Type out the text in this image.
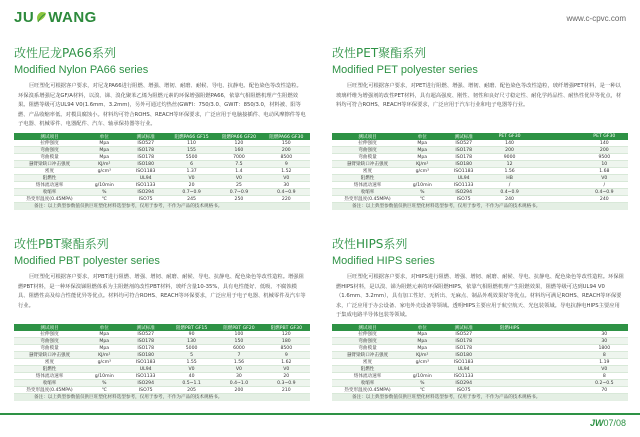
JU WANG	www.c-cpvc.com
改性尼龙PA66系列
Modified Nylon PA66 series
巨旺塑化可根据客户要求，对尼龙PA66进行阻燃、增强、增韧、耐磨、耐候、导电、抗静电、配色染色等改性造粒。环保溴系增强尼龙GF/A材料，以溴、锑、溴化聚苯乙烯为阻燃元素的环保增强阻燃PA66，依靠气相阻燃机理产生阻燃效果。阻燃等级可达UL94 V0(1.6mm、3.2mm)，另外可通过灼热丝(GWFI：750/3.0、GWIT：850/3.0，材料被、阳等燃、产品收缩率低、对模具腐蚀小。材料均可符合ROHS、REACH等环保要求，广泛应用于电脑接插件、电动风摩擦件等电子电器、机械零件、电器配件、汽车、轴承保持器等行业。
测试项目	单位	测试标准	阻燃PA66 GF15	阻燃PA66 GF20	阻燃PA66 GF30
拉伸强度	Mpa	ISO527	110	120	150
弯曲强度	Mpa	ISO178	155	160	200
弯曲模量	Mpa	ISO178	5500	7000	8500
悬臂梁缺口冲击强度	KJ/m²	ISO180	6	7.5	9
密度	g/cm³	ISO1183	1.37	1.4	1.52
阻燃性		UL94	V0	V0	V0
熔体流动速率	g/10min	ISO1133	20	25	30
收缩率	%	ISO294	0.7~0.9	0.7~0.9	0.4~0.9
热变形温度(0.45MPA)	℃	ISO75	245	250	220
备注：以上典型参数值仅供巨旺塑化材料选型参考，仅用于参考，不作为产品的技术规格书。
改性PET聚酯系列
Modified PET polyester series
巨旺塑化可根据客户要求，对PET进行阻燃、增强、增韧、耐磨、配色染色等改性造粒，玻纤增强PET材料，是一种以玻璃纤维为增强剂的改性PET材料，具有超高强度、刚性、韧性和良好尺寸稳定性、耐化学药品性、耐热性优异等优点，材料均可符合ROHS、REACH等环保要求，广泛应用于汽车行业和电子电器等行业。
测试项目	单位	测试标准	PET GF30		PET GF30
拉伸强度	Mpa	ISO527	140		140
弯曲强度	Mpa	ISO178	200		200
弯曲模量	Mpa	ISO178	9000		9500
悬臂梁缺口冲击强度	KJ/m²	ISO180	12		10
密度	g/cm³	ISO1183	1.56		1.68
阻燃性		UL94	HB		V0
熔体流动速率	g/10min	ISO1133	/		/
收缩率	%	ISO294	0.4~0.9		0.4~0.9
热变形温度(0.45MPA)	℃	ISO75	240		240
备注：以上典型参数值仅供巨旺塑化材料选型参考，仅用于参考，不作为产品的技术规格书。
改性PBT聚酯系列
Modified PBT polyester series
巨旺塑化可根据客户要求，对PBT进行阻燃、增强、增韧、耐磨、耐候、导电、抗静电、配色染色等改性造粒。增强阻燃PBT材料，是一种环保溴锑阻燃体系为主阻燃剂的改性PBT材料，玻纤含量10-35%，具有电性能好、低吸、不腐蚀模具、阻燃性高及综合性能优异等优点。材料均可符合ROHS、REACH等环保要求，广泛应用于电子电器、机械零件及汽车等行业。
测试项目	单位	测试标准	阻燃PBT GF15	阻燃PBT GF20	阻燃PBT GF30
拉伸强度	Mpa	ISO527	90	100	120
弯曲强度	Mpa	ISO178	130	150	180
弯曲模量	Mpa	ISO178	5000	6000	8500
悬臂梁缺口冲击强度	KJ/m²	ISO180	5	7	9
密度	g/cm³	ISO1183	1.55	1.56	1.62
阻燃性		UL94	V0	V0	V0
熔体流动速率	g/10min	ISO1133	40	30	20
收缩率	%	ISO294	0.5~1.1	0.4~1.0	0.3~0.9
热变形温度(0.45MPA)	℃	ISO75	205	200	210
备注：以上典型参数值仅供巨旺塑化材料选型参考，仅用于参考，不作为产品的技术规格书。
改性HIPS系列
Modified HIPS series
巨旺塑化可根据客户要求，对HIPS进行阻燃、增强、增韧、耐磨、耐候、导电、抗静电、配色染色等改性造粒。环保阻燃HIPS材料，是以溴、锑为阻燃元素的环保阻燃HIPS，依靠气相阻燃机理产生阻燃效果，阻燃等级可达到UL94 V0（1.6mm、3.2mm），具有加工性好、无析出、无麻点、制品外观效果好等优点。材料均可满足ROHS、REACH等环保要求，广泛应用于办公设备、家电外壳设备等领域。透明HIPS主要应用于航空航天、光包装领域。导电抗静电HIPS主要应用于集成电路半导体包装等领域。
测试项目	单位	测试标准	阻燃HIPS		
拉伸强度	Mpa	ISO527			30
弯曲强度	Mpa	ISO178			30
弯曲模量	Mpa	ISO178			1800
悬臂梁缺口冲击强度	KJ/m²	ISO180			8
密度	g/cm³	ISO1183			1.19
阻燃性		UL94			V0
熔体流动速率	g/10min	ISO1133			8
收缩率	%	ISO294			0.2~0.5
热变形温度(0.45MPA)	℃	ISO75			70
备注：以上典型参数值仅供巨旺塑化材料选型参考，仅用于参考，不作为产品的技术规格书。
JW07/08
